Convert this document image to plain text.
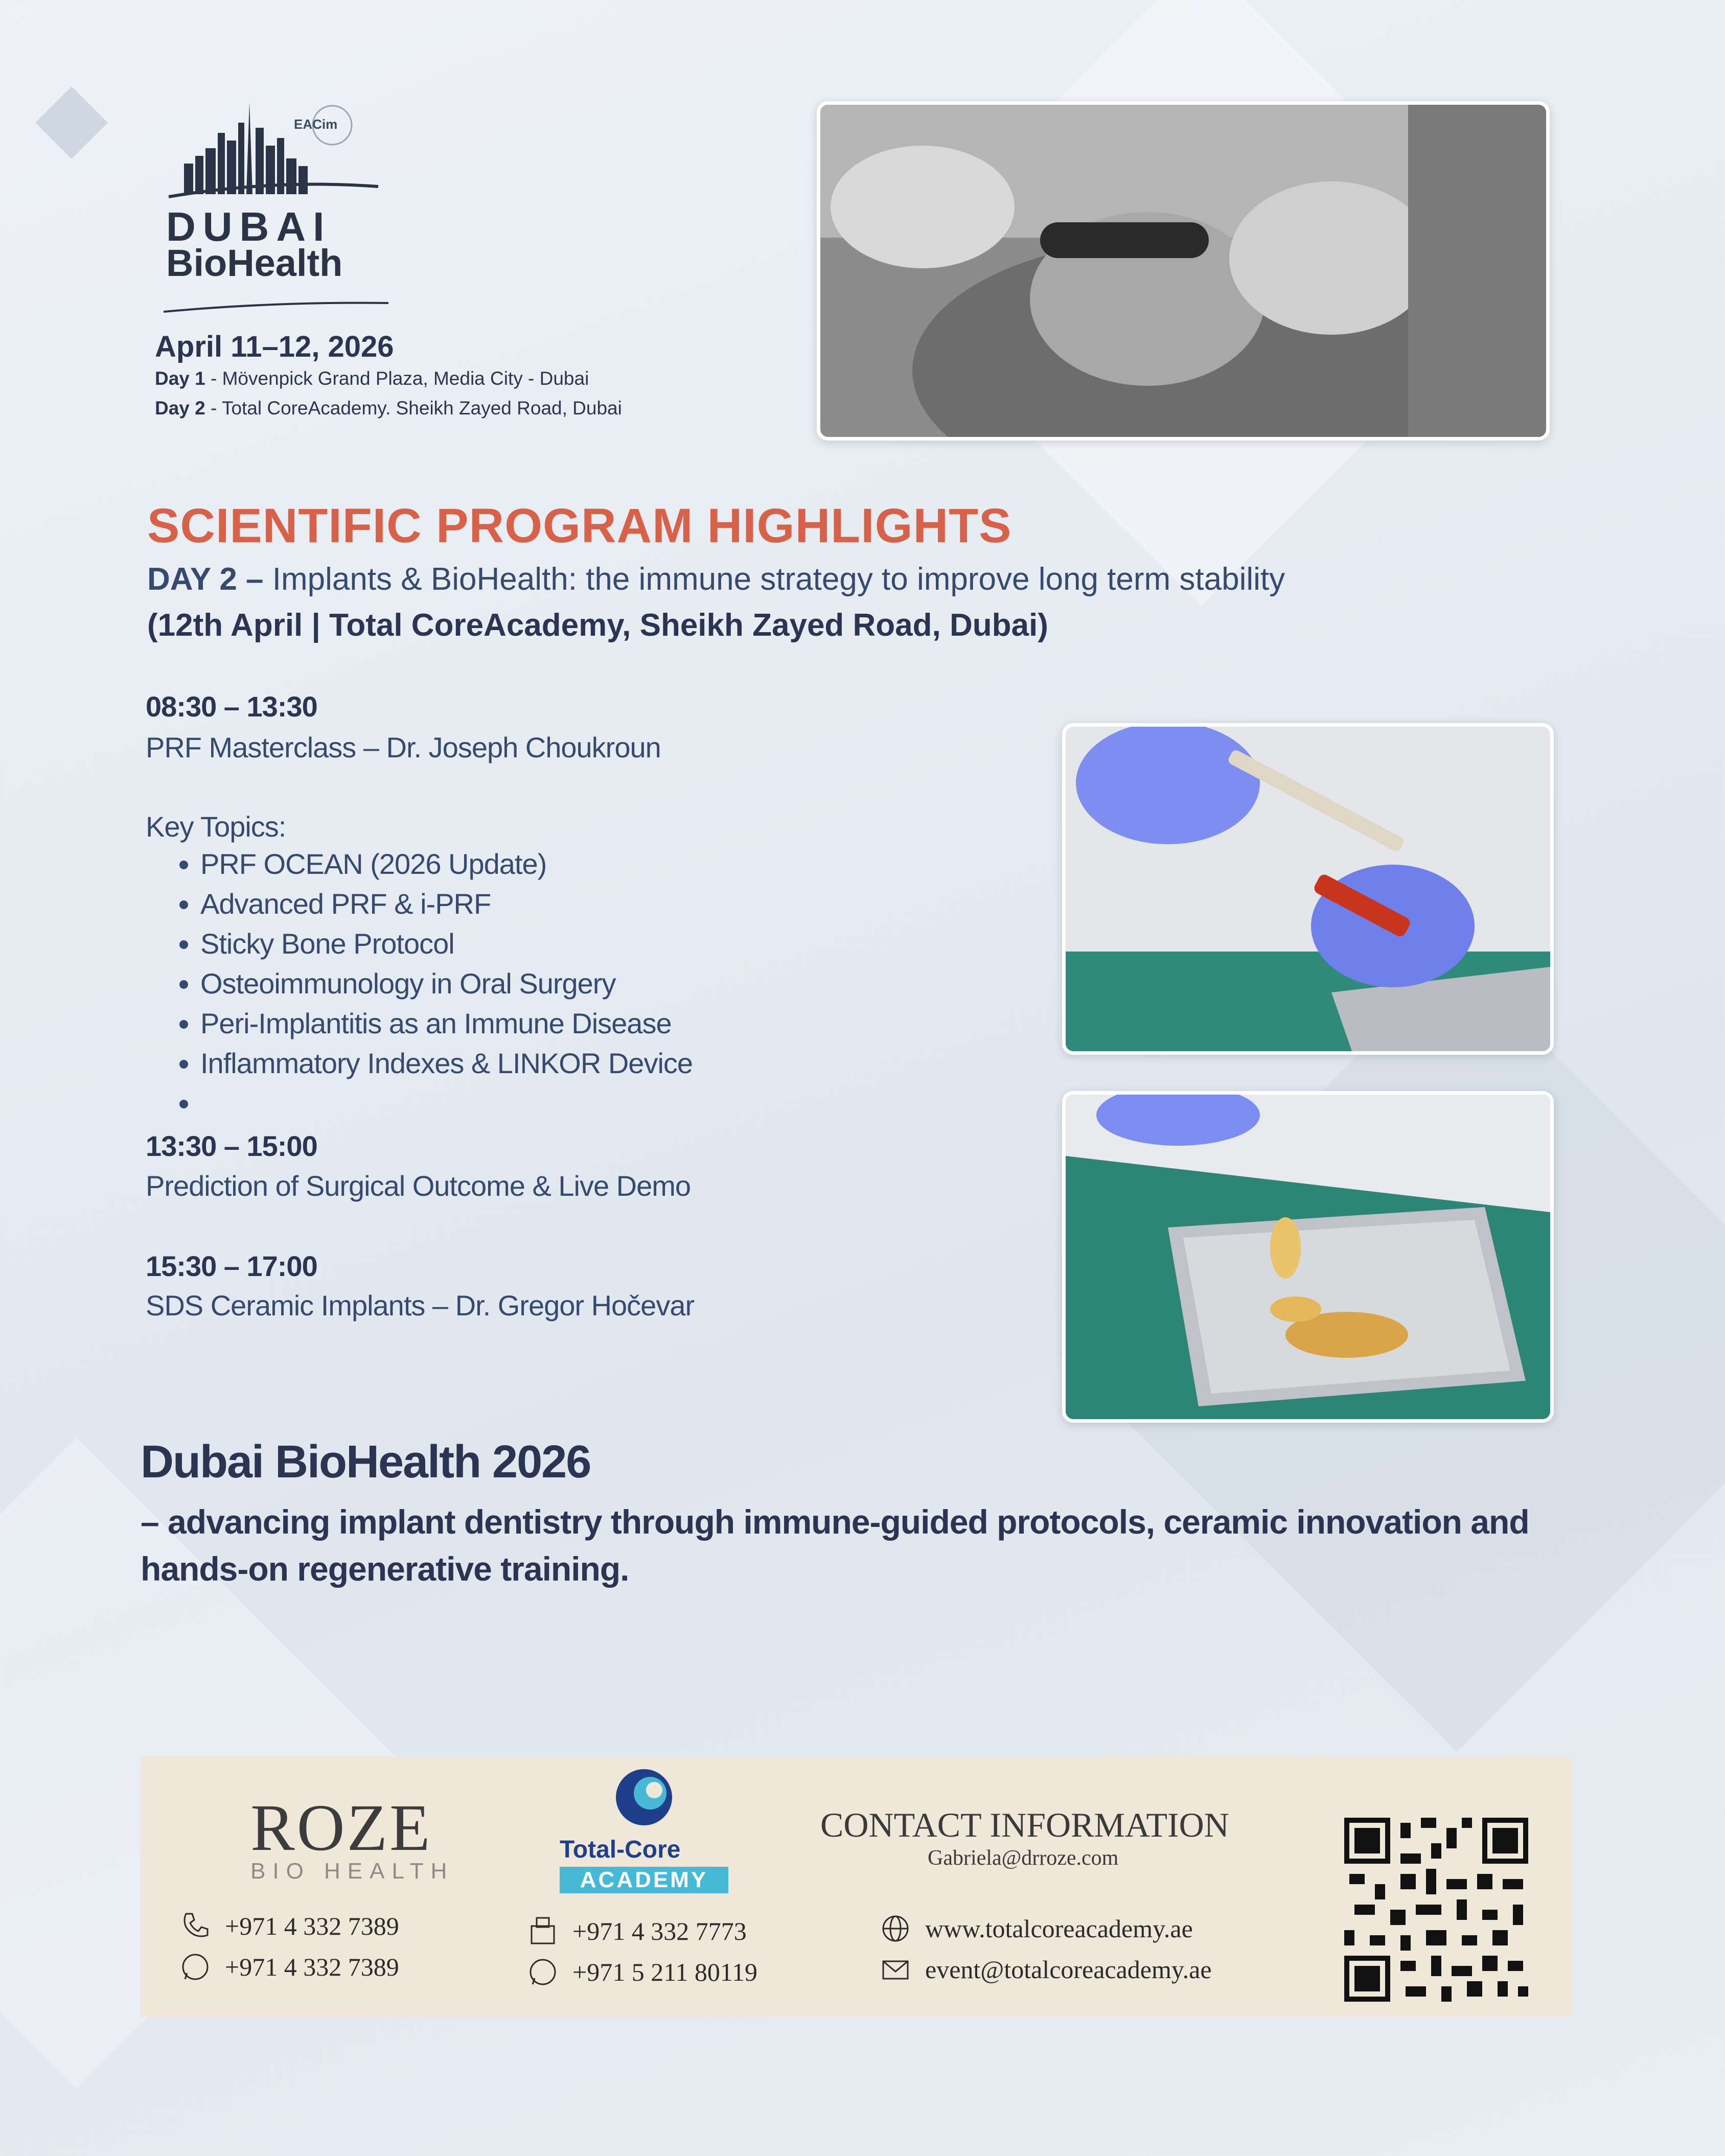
EACim
DUBAI
BioHealth
April 11–12, 2026
Day 1 - Mövenpick Grand Plaza, Media City - Dubai
Day 2 - Total CoreAcademy. Sheikh Zayed Road, Dubai
SCIENTIFIC PROGRAM HIGHLIGHTS
DAY 2 – Implants & BioHealth: the immune strategy to improve long term stability
(12th April | Total CoreAcademy, Sheikh Zayed Road, Dubai)
08:30 – 13:30
PRF Masterclass – Dr. Joseph Choukroun
Key Topics:
• PRF OCEAN (2026 Update)
• Advanced PRF & i-PRF
• Sticky Bone Protocol
• Osteoimmunology in Oral Surgery
• Peri-Implantitis as an Immune Disease
• Inflammatory Indexes & LINKOR Device
•
13:30 – 15:00
Prediction of Surgical Outcome & Live Demo
15:30 – 17:00
SDS Ceramic Implants – Dr. Gregor Hočevar
Dubai BioHealth 2026
– advancing implant dentistry through immune-guided protocols, ceramic innovation and hands-on regenerative training.
ROZE
BIO HEALTH
Total-Core
ACADEMY
CONTACT INFORMATION
Gabriela@drroze.com
+971 4 332 7389
+971 4 332 7389
+971 4 332 7773
+971 5 211 80119
www.totalcoreacademy.ae
event@totalcoreacademy.ae
